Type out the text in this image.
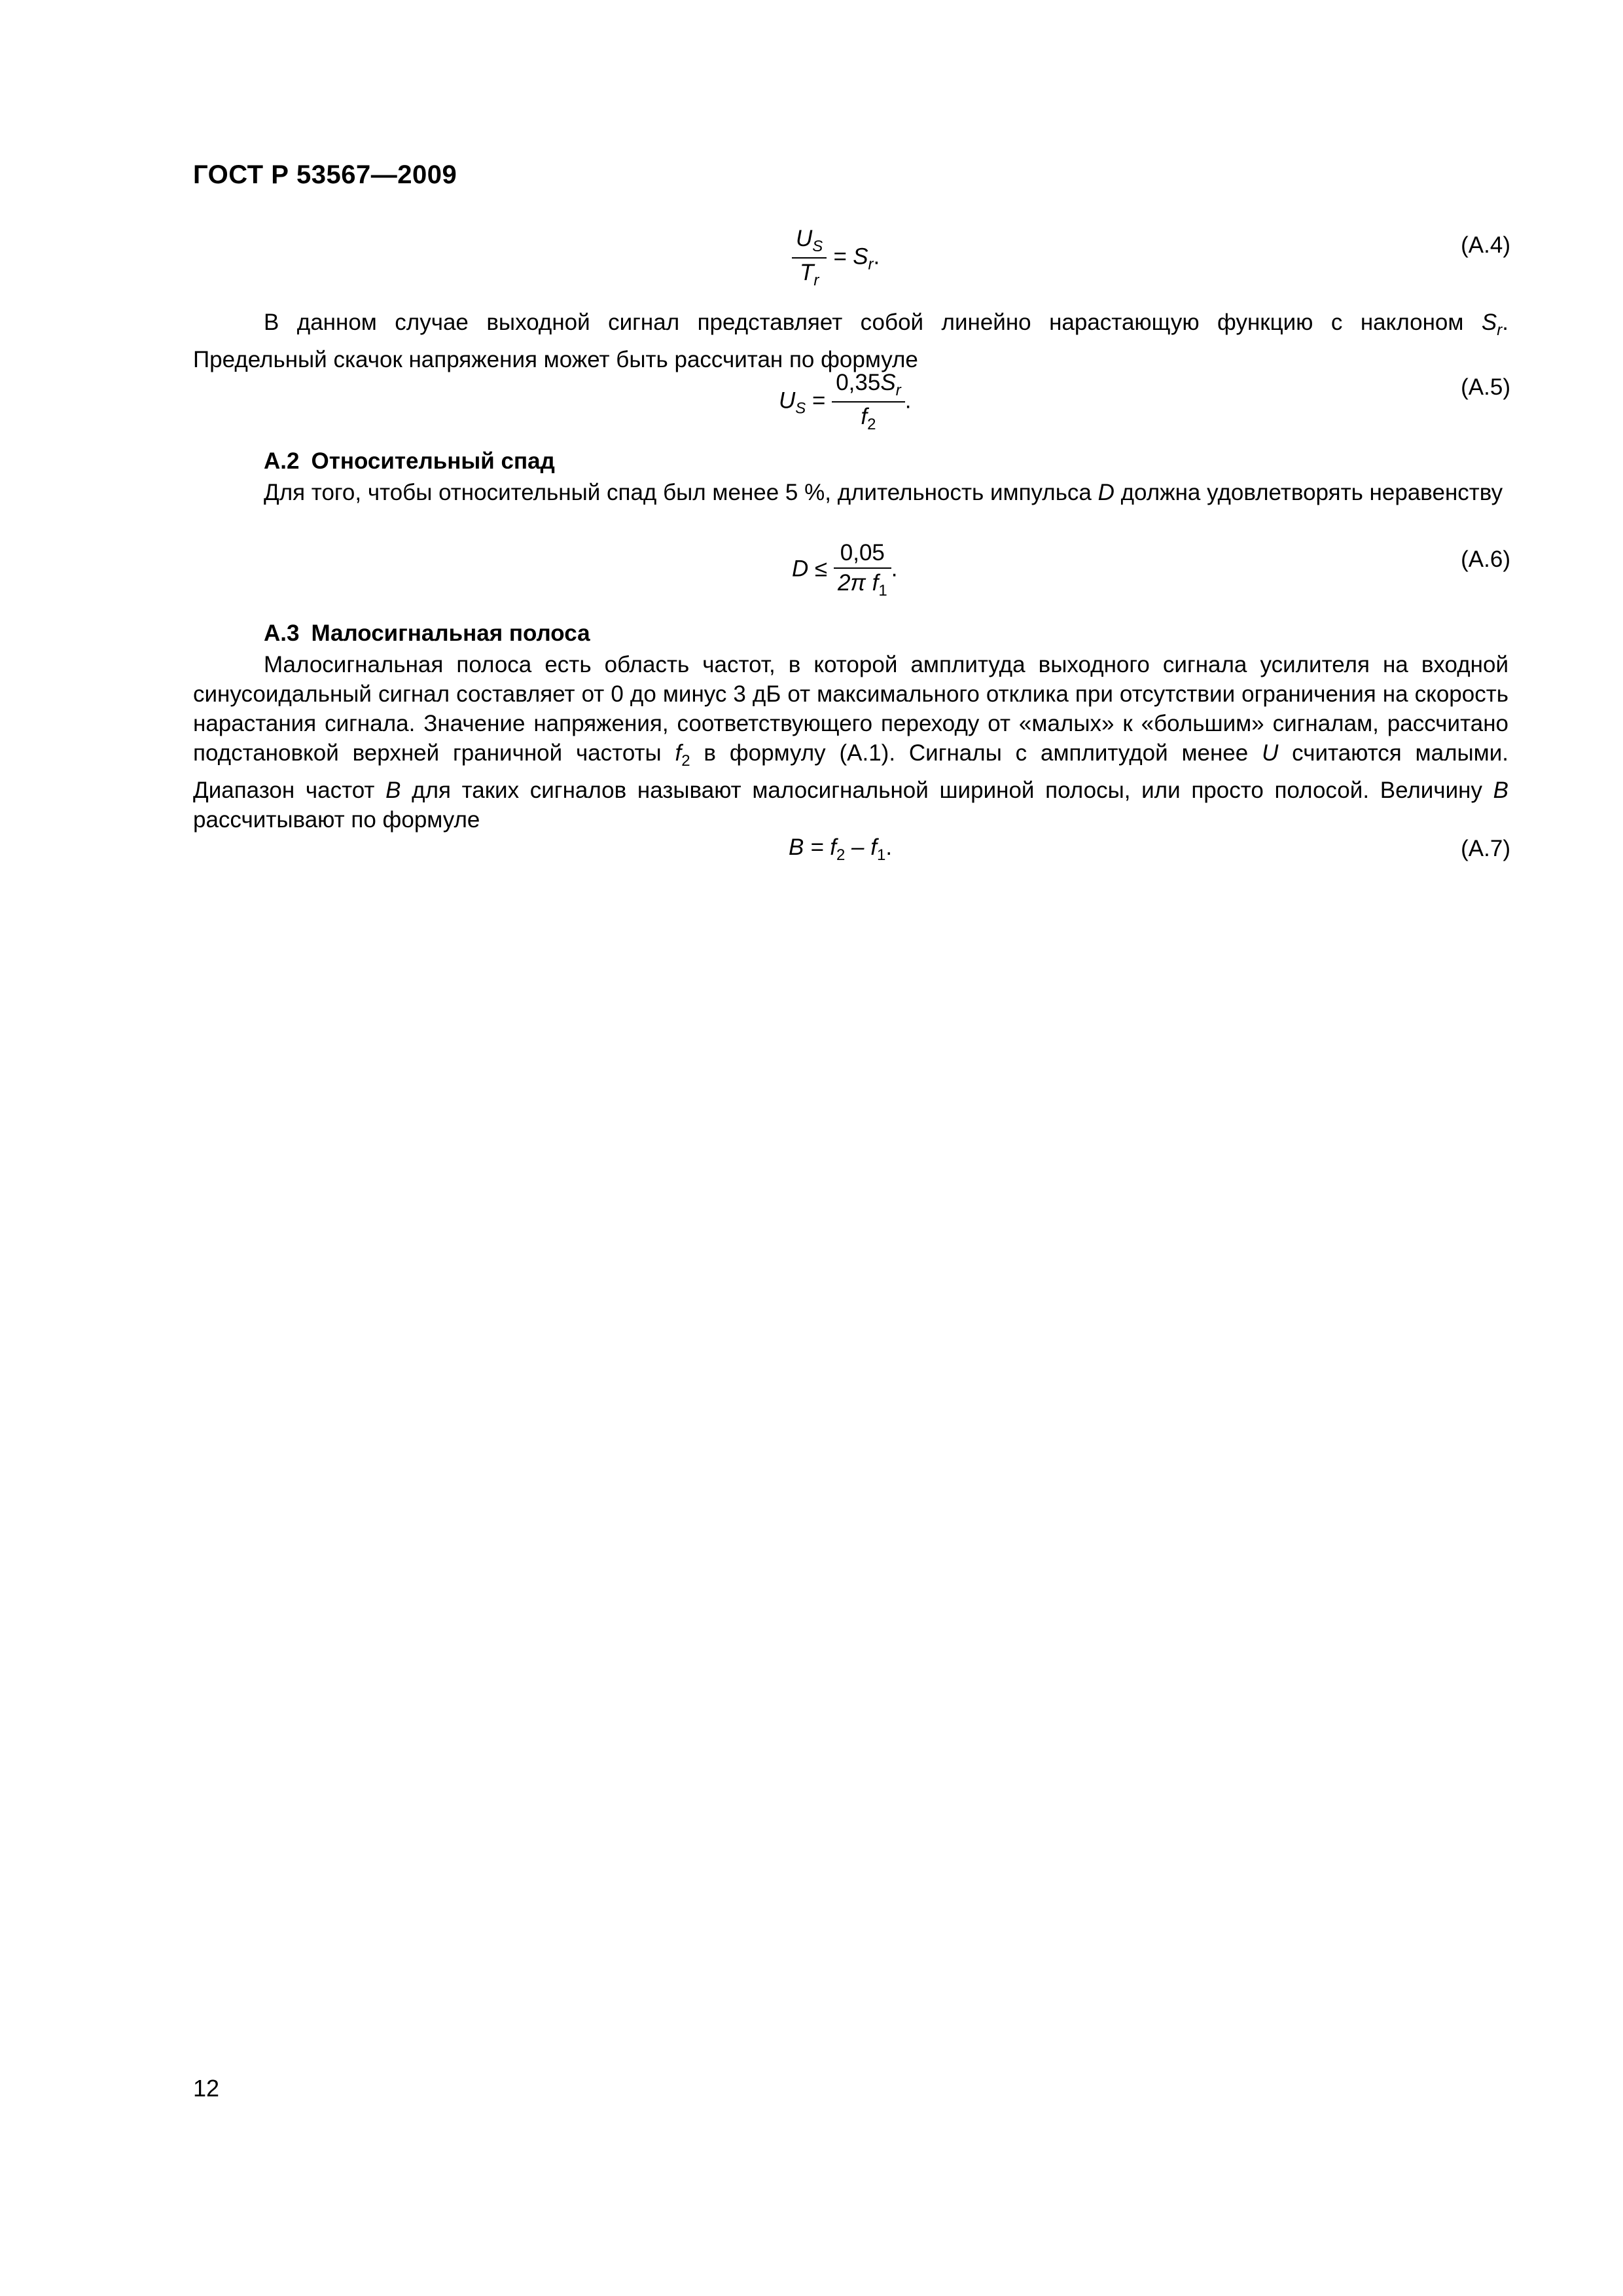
ГОСТ Р 53567—2009
$\frac{U_S}{T_r} = S_r$.	(A.4)
В данном случае выходной сигнал представляет собой линейно нарастающую функцию с наклоном $S_r$. Предельный скачок напряжения может быть рассчитан по формуле
$U_S = \frac{0,35S_r}{f_2}$ .
(A.5)
A.2 Относительный спад
Для того, чтобы относительный спад был менее 5 %, длительность импульса D должна удовлетворять неравенству
$D \le \frac{0,05}{2\pi f_1}$ .	(A.6)
A.3 Малосигнальная полоса
Малосигнальная полоса есть область частот, в которой амплитуда выходного сигнала усилителя на входной синусоидальный сигнал составляет от 0 до минус 3 дБ от максимального отклика при отсутствии ограничения на скорость нарастания сигнала. Значение напряжения, соответствующего переходу от «малых» к «большим» сигналам, рассчитано подстановкой верхней граничной частоты $f_2$ в формулу (A.1). Сигналы с амплитудой менее U считаются малыми. Диапазон частот B для таких сигналов называют малосигнальной шириной полосы, или просто полосой. Величину B рассчитывают по формуле
$B = f_2 - f_1$.	(A.7)
12
